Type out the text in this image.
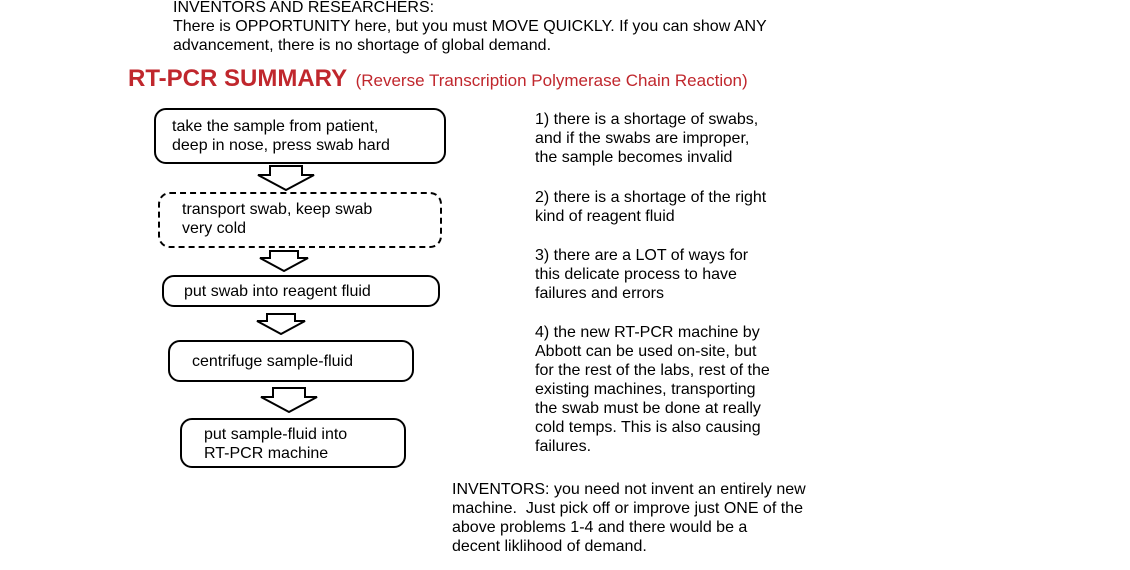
INVENTORS AND RESEARCHERS:
There is OPPORTUNITY here, but you must MOVE QUICKLY. If you can show ANY
advancement, there is no shortage of global demand.
RT-PCR SUMMARY (Reverse Transcription Polymerase Chain Reaction)
take the sample from patient,
deep in nose, press swab hard
transport swab, keep swab
very cold
put swab into reagent fluid
centrifuge sample-fluid
put sample-fluid into
RT-PCR machine
1) there is a shortage of swabs,
and if the swabs are improper,
the sample becomes invalid
2) there is a shortage of the right
kind of reagent fluid
3) there are a LOT of ways for
this delicate process to have
failures and errors
4) the new RT-PCR machine by
Abbott can be used on-site, but
for the rest of the labs, rest of the
existing machines, transporting
the swab must be done at really
cold temps. This is also causing
failures.
INVENTORS: you need not invent an entirely new
machine.  Just pick off or improve just ONE of the
above problems 1-4 and there would be a
decent liklihood of demand.
